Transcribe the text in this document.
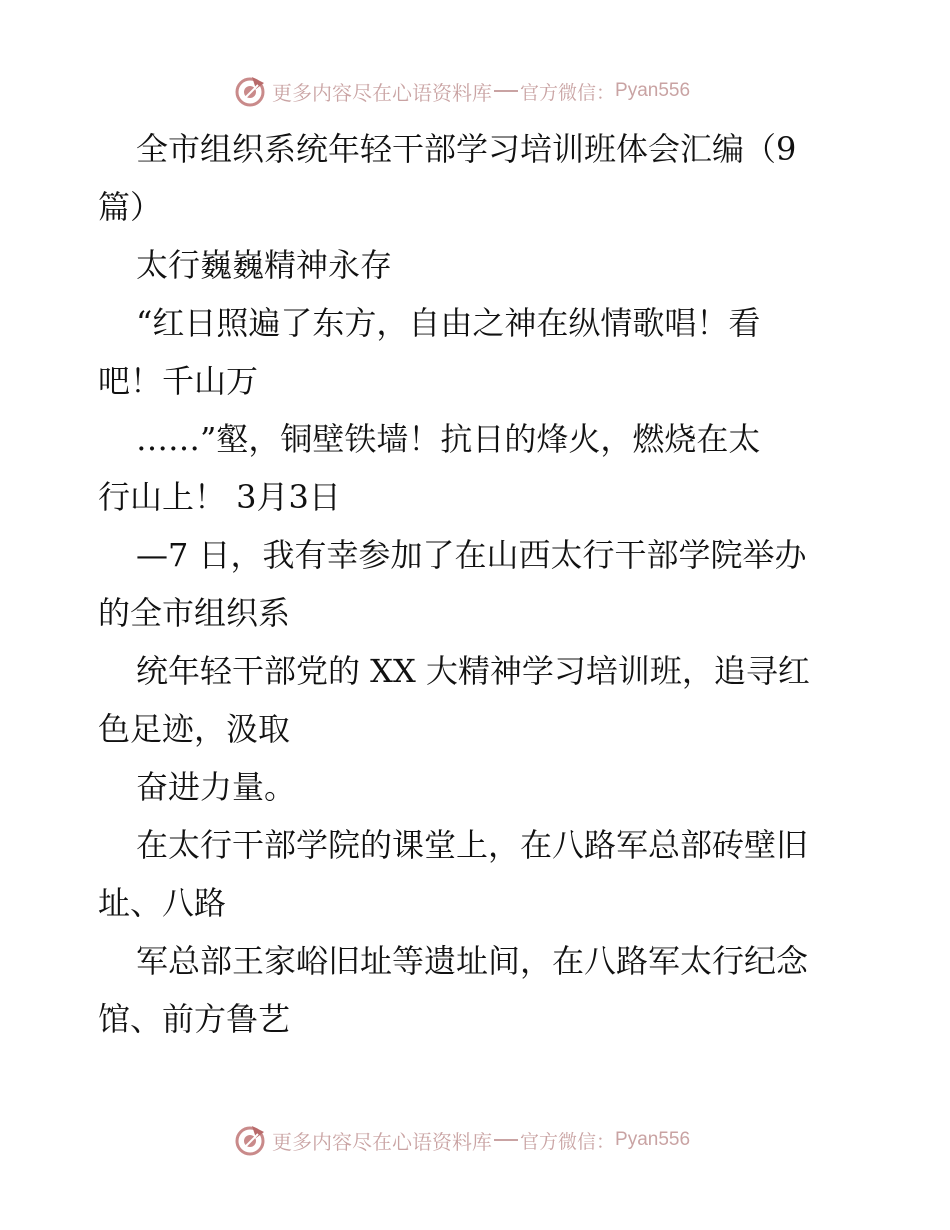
更多内容尽在心语资料库 官方微信： Pyan556
全市组织系统年轻干部学习培训班体会汇编（9
篇）
太行巍巍精神永存
“红日照遍了东方，自由之神在纵情歌唱！看
吧！千山万
……”壑，铜壁铁墙！抗日的烽火，燃烧在太
行山上！ 3月3日
—7 日，我有幸参加了在山西太行干部学院举办
的全市组织系
统年轻干部党的 XX 大精神学习培训班，追寻红
色足迹，汲取
奋进力量。
在太行干部学院的课堂上，在八路军总部砖壁旧
址、八路
军总部王家峪旧址等遗址间，在八路军太行纪念
馆、前方鲁艺
更多内容尽在心语资料库 官方微信： Pyan556
